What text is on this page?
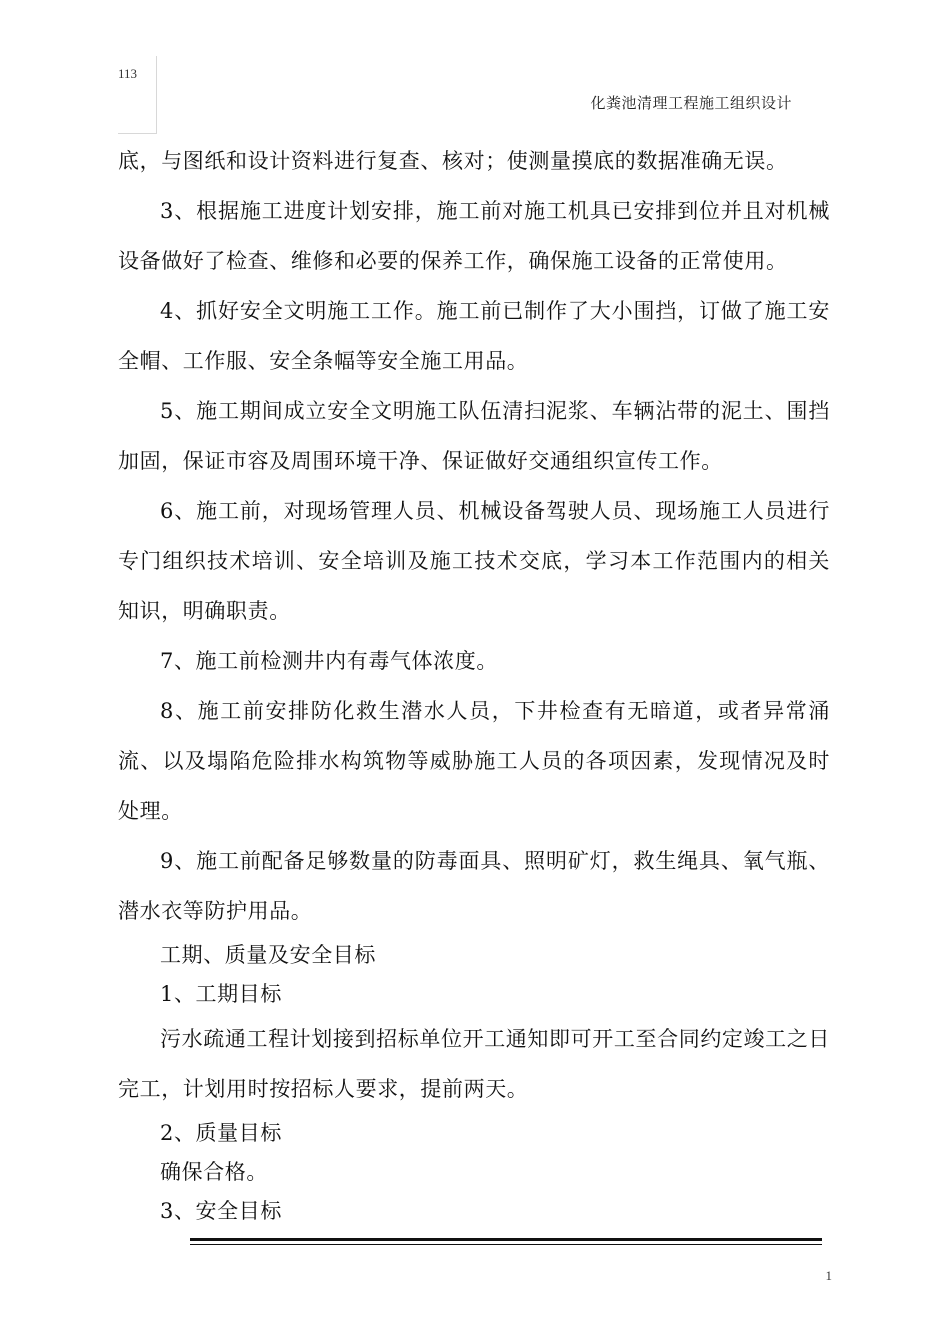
113
化粪池清理工程施工组织设计

底，与图纸和设计资料进行复查、核对；使测量摸底的数据准确无误。

3、根据施工进度计划安排，施工前对施工机具已安排到位并且对机械设备做好了检查、维修和必要的保养工作，确保施工设备的正常使用。

4、抓好安全文明施工工作。施工前已制作了大小围挡，订做了施工安全帽、工作服、安全条幅等安全施工用品。

5、施工期间成立安全文明施工队伍清扫泥浆、车辆沾带的泥土、围挡加固，保证市容及周围环境干净、保证做好交通组织宣传工作。

6、施工前，对现场管理人员、机械设备驾驶人员、现场施工人员进行专门组织技术培训、安全培训及施工技术交底，学习本工作范围内的相关知识，明确职责。

7、施工前检测井内有毒气体浓度。

8、施工前安排防化救生潜水人员，下井检查有无暗道，或者异常涌流、以及塌陷危险排水构筑物等威胁施工人员的各项因素，发现情况及时处理。

9、施工前配备足够数量的防毒面具、照明矿灯，救生绳具、氧气瓶、潜水衣等防护用品。

工期、质量及安全目标

1、工期目标

污水疏通工程计划接到招标单位开工通知即可开工至合同约定竣工之日完工，计划用时按招标人要求，提前两天。

2、质量目标

确保合格。

3、安全目标

1
